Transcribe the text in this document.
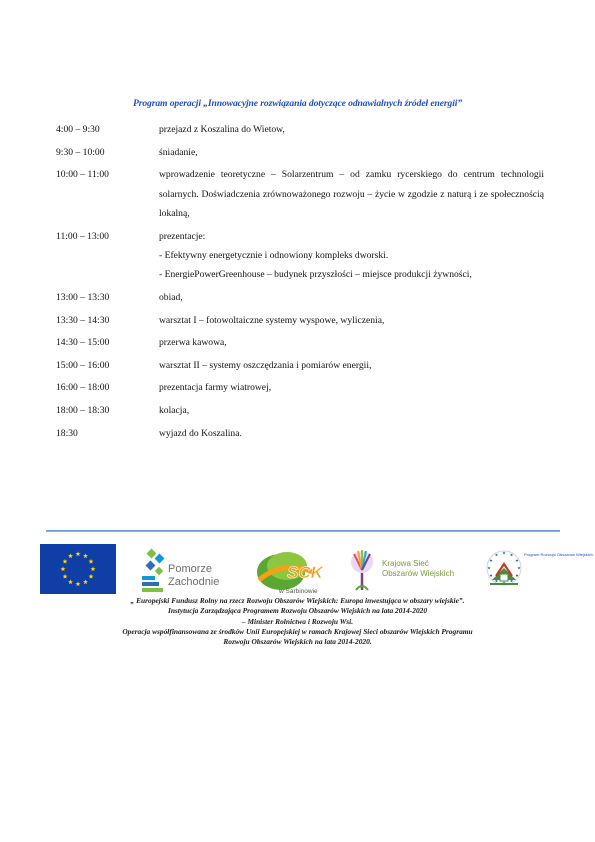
Program operacji „Innowacyjne rozwiązania dotyczące odnawialnych źródeł energii”
4:00 – 9:30	przejazd z Koszalina do Wietow,
9:30 – 10:00	śniadanie,
10:00 – 11:00	wprowadzenie teoretyczne – Solarzentrum – od zamku rycerskiego do centrum technologii solarnych. Doświadczenia zrównoważonego rozwoju – życie w zgodzie z naturą i ze społecznością lokalną,
11:00 – 13:00	prezentacje:
- Efektywny energetycznie i odnowiony kompleks dworski.
- EnergiePowerGreenhouse – budynek przyszłości – miejsce produkcji żywności,
13:00 – 13:30	obiad,
13:30 – 14:30	warsztat I – fotowoltaiczne systemy wyspowe, wyliczenia,
14:30 – 15:00	przerwa kawowa,
15:00 – 16:00	warsztat II – systemy oszczędzania i pomiarów energii,
16:00 – 18:00	prezentacja farmy wiatrowej,
18:00 – 18:30	kolacja,
18:30	wyjazd do Koszalina.
Pomorze
Zachodnie	SCK
w Sarbinowie
Krajowa Sieć
Obszarów Wiejskich
Program Rozwoju Obszarów Wiejskich
„ Europejski Fundusz Rolny na rzecz Rozwoju Obszarów Wiejskich: Europa inwestująca w obszary wiejskie”.
Instytucja Zarządzająca Programem Rozwoju Obszarów Wiejskich na lata 2014-2020
– Minister Rolnictwa i Rozwoju Wsi.
Operacja współfinansowana ze środków Unii Europejskiej w ramach Krajowej Sieci obszarów Wiejskich Programu
Rozwoju Obszarów Wiejskich na lata 2014-2020.
